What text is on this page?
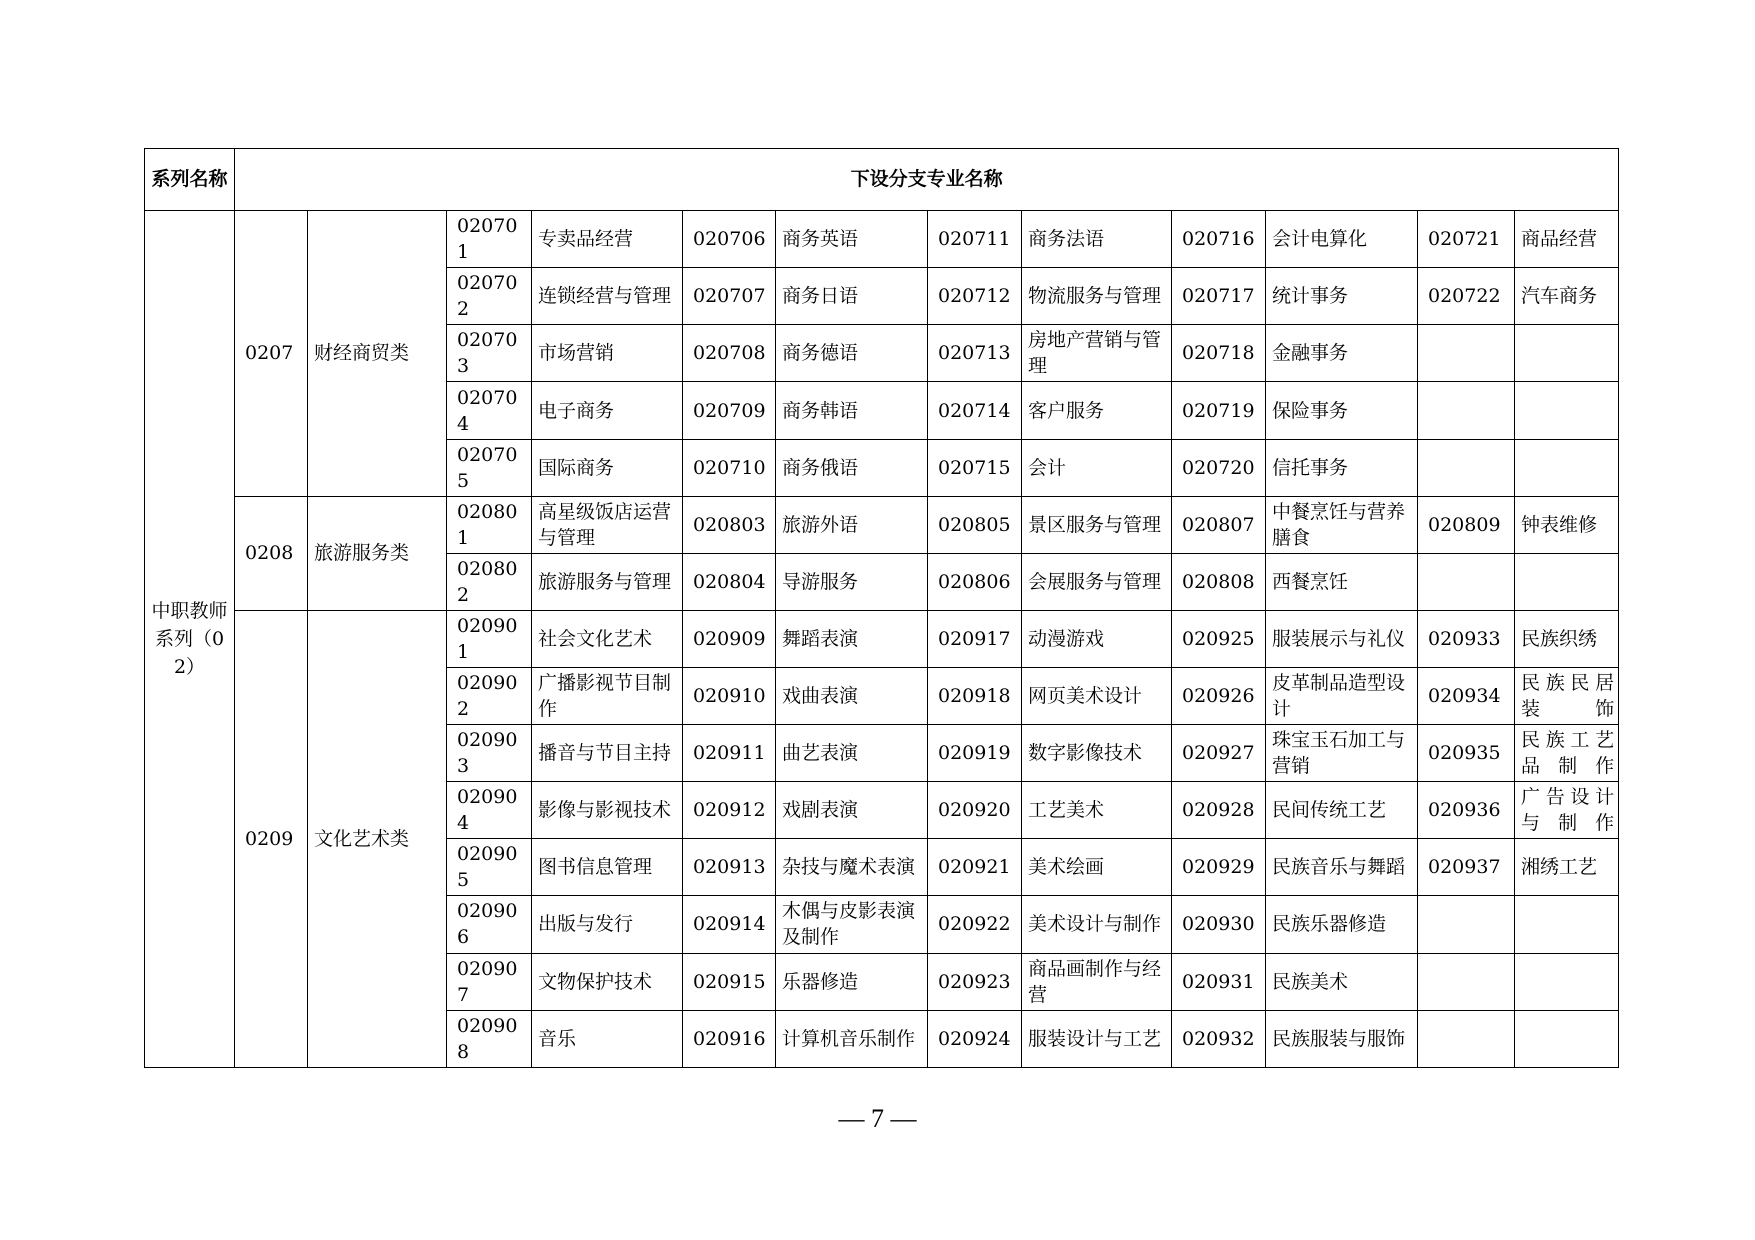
系列名称	下设分支专业名称											
中职教师系列（02）	0207	财经商贸类	020701	专卖品经营	020706	商务英语	020711	商务法语	020716	会计电算化	020721	商品经营
			020702	连锁经营与管理	020707	商务日语	020712	物流服务与管理	020717	统计事务	020722	汽车商务
			020703	市场营销	020708	商务德语	020713	房地产营销与管理	020718	金融事务		
			020704	电子商务	020709	商务韩语	020714	客户服务	020719	保险事务		
			020705	国际商务	020710	商务俄语	020715	会计	020720	信托事务		
	0208	旅游服务类	020801	高星级饭店运营与管理	020803	旅游外语	020805	景区服务与管理	020807	中餐烹饪与营养膳食	020809	钟表维修
			020802	旅游服务与管理	020804	导游服务	020806	会展服务与管理	020808	西餐烹饪		
	0209	文化艺术类	020901	社会文化艺术	020909	舞蹈表演	020917	动漫游戏	020925	服装展示与礼仪	020933	民族织绣
			020902	广播影视节目制作	020910	戏曲表演	020918	网页美术设计	020926	皮革制品造型设计	020934	民族民居装饰
			020903	播音与节目主持	020911	曲艺表演	020919	数字影像技术	020927	珠宝玉石加工与营销	020935	民族工艺品制作
			020904	影像与影视技术	020912	戏剧表演	020920	工艺美术	020928	民间传统工艺	020936	广告设计与制作
			020905	图书信息管理	020913	杂技与魔术表演	020921	美术绘画	020929	民族音乐与舞蹈	020937	湘绣工艺
			020906	出版与发行	020914	木偶与皮影表演及制作	020922	美术设计与制作	020930	民族乐器修造		
			020907	文物保护技术	020915	乐器修造	020923	商品画制作与经营	020931	民族美术		
			020908	音乐	020916	计算机音乐制作	020924	服装设计与工艺	020932	民族服装与服饰		
— 7 —
